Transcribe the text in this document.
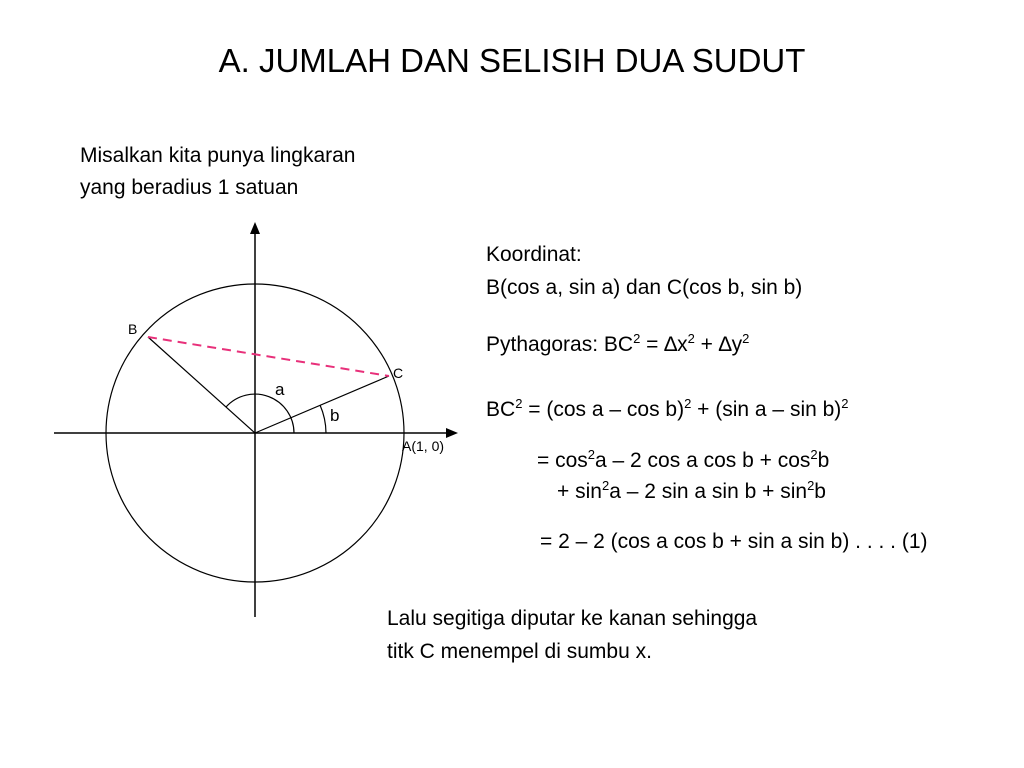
A. JUMLAH DAN SELISIH DUA SUDUT
Misalkan kita punya lingkaran
yang beradius 1 satuan
B
C
A(1, 0)
a
b
Koordinat:
B(cos a, sin a) dan C(cos b, sin b)
Pythagoras: $BC^2 = \Delta x^2 + \Delta y^2$
$BC^2 = (\cos$ a – cos b)$^2$ + (sin a – sin b)$^2$
= $\cos^2a - 2$ cos a $\cos b + \cos^2b$
+ $\sin^2a - 2$ sin a $\sin b + \sin^2b$
= 2 – 2 (cos a cos b + sin a sin b) . . . . (1)
Lalu segitiga diputar ke kanan sehingga
titk C menempel di sumbu x.
